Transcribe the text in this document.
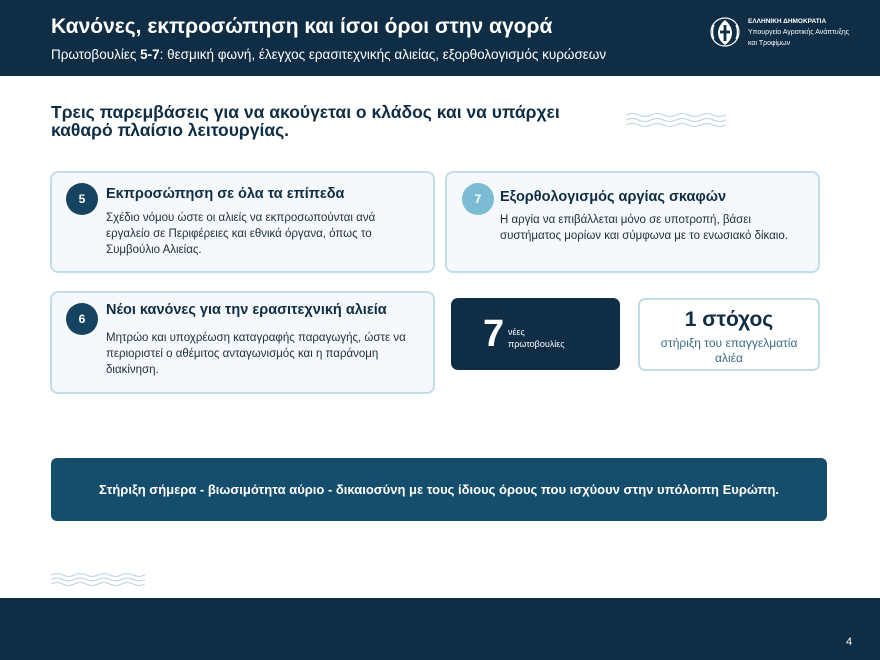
Κανόνες, εκπροσώπηση και ίσοι όροι στην αγορά
Πρωτοβουλίες 5-7: θεσμική φωνή, έλεγχος ερασιτεχνικής αλιείας, εξορθολογισμός κυρώσεων
ΕΛΛΗΝΙΚΗ ΔΗΜΟΚΡΑΤΙΑ
Υπουργείο Αγροτικής Ανάπτυξης
και Τροφίμων
Τρεις παρεμβάσεις για να ακούγεται ο κλάδος και να υπάρχει
καθαρό πλαίσιο λειτουργίας.
5	Εκπροσώπηση σε όλα τα επίπεδα
Σχέδιο νόμου ώστε οι αλιείς να εκπροσωπούνται ανά εργαλείο σε Περιφέρειες και εθνικά όργανα, όπως το Συμβούλιο Αλιείας.
7	Εξορθολογισμός αργίας σκαφών
Η αργία να επιβάλλεται μόνο σε υποτροπή, βάσει συστήματος μορίων και σύμφωνα με το ενωσιακό δίκαιο.
6
Νέοι κανόνες για την ερασιτεχνική αλιεία
Μητρώο και υποχρέωση καταγραφής παραγωγής, ώστε να περιοριστεί ο αθέμιτος ανταγωνισμός και η παράνομη διακίνηση.
7 νέες
πρωτοβουλίες
1 στόχος
στήριξη του επαγγελματία
αλιέα
Στήριξη σήμερα - βιωσιμότητα αύριο - δικαιοσύνη με τους ίδιους όρους που ισχύουν στην υπόλοιπη Ευρώπη.
4
